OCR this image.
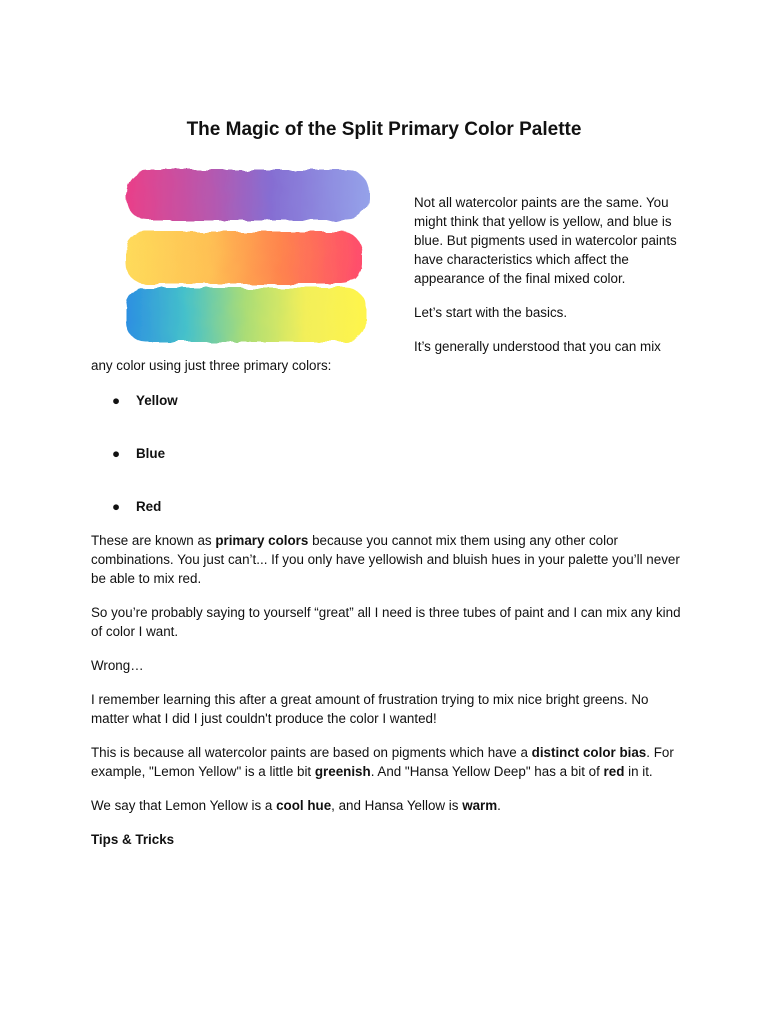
The Magic of the Split Primary Color Palette

Not all watercolor paints are the same. You might think that yellow is yellow, and blue is blue. But pigments used in watercolor paints have characteristics which affect the appearance of the final mixed color.

Let’s start with the basics.

It’s generally understood that you can mix

any color using just three primary colors:

● Yellow
● Blue
● Red

These are known as primary colors because you cannot mix them using any other color combinations. You just can’t... If you only have yellowish and bluish hues in your palette you’ll never be able to mix red.

So you’re probably saying to yourself “great” all I need is three tubes of paint and I can mix any kind of color I want.

Wrong…

I remember learning this after a great amount of frustration trying to mix nice bright greens. No matter what I did I just couldn't produce the color I wanted!

This is because all watercolor paints are based on pigments which have a distinct color bias. For example, "Lemon Yellow" is a little bit greenish. And "Hansa Yellow Deep" has a bit of red in it.

We say that Lemon Yellow is a cool hue, and Hansa Yellow is warm.

Tips & Tricks
